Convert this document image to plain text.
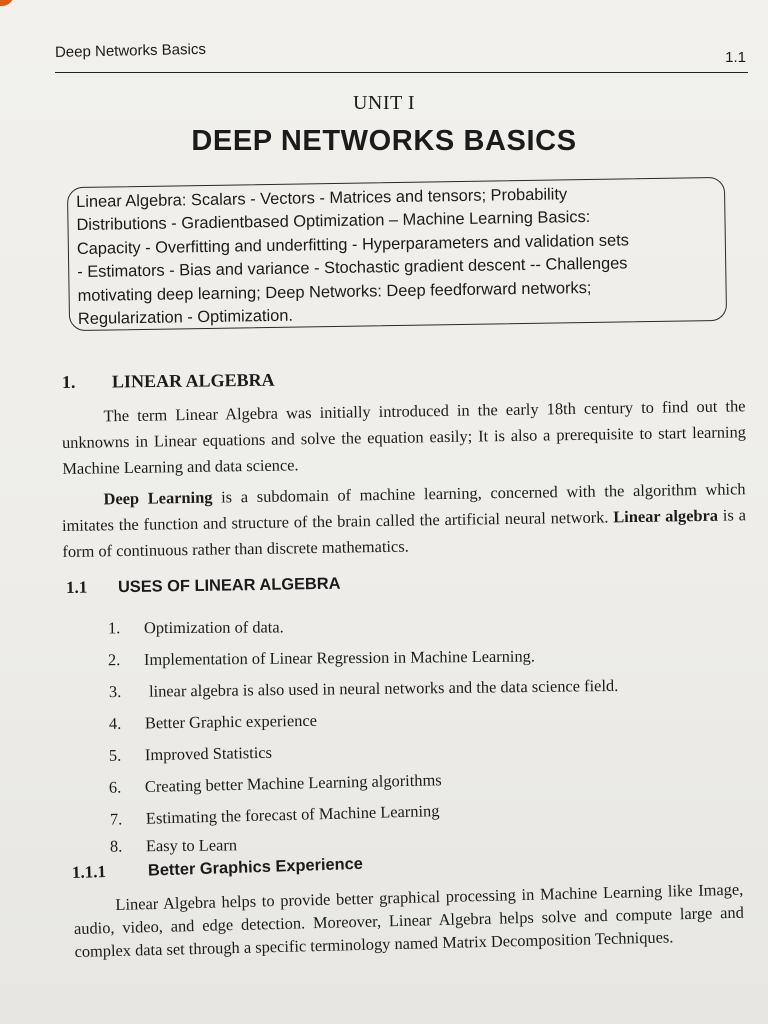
Deep Networks Basics	1.1
UNIT I
DEEP NETWORKS BASICS
Linear Algebra: Scalars - Vectors - Matrices and tensors; Probability
Distributions - Gradientbased Optimization – Machine Learning Basics:
Capacity - Overfitting and underfitting - Hyperparameters and validation sets
- Estimators - Bias and variance - Stochastic gradient descent -- Challenges
motivating deep learning; Deep Networks: Deep feedforward networks;
Regularization - Optimization.
1. LINEAR ALGEBRA
The term Linear Algebra was initially introduced in the early 18th century to find out the unknowns in Linear equations and solve the equation easily; It is also a prerequisite to start learning Machine Learning and data science.
Deep Learning is a subdomain of machine learning, concerned with the algorithm which imitates the function and structure of the brain called the artificial neural network. Linear algebra is a form of continuous rather than discrete mathematics.
1.1 USES OF LINEAR ALGEBRA
1. Optimization of data.
2. Implementation of Linear Regression in Machine Learning.
3. linear algebra is also used in neural networks and the data science field.
4. Better Graphic experience
5. Improved Statistics
6. Creating better Machine Learning algorithms
7. Estimating the forecast of Machine Learning
8. Easy to Learn
1.1.1	Better Graphics Experience
Linear Algebra helps to provide better graphical processing in Machine Learning like Image, audio, video, and edge detection. Moreover, Linear Algebra helps solve and compute large and complex data set through a specific terminology named Matrix Decomposition Techniques.
